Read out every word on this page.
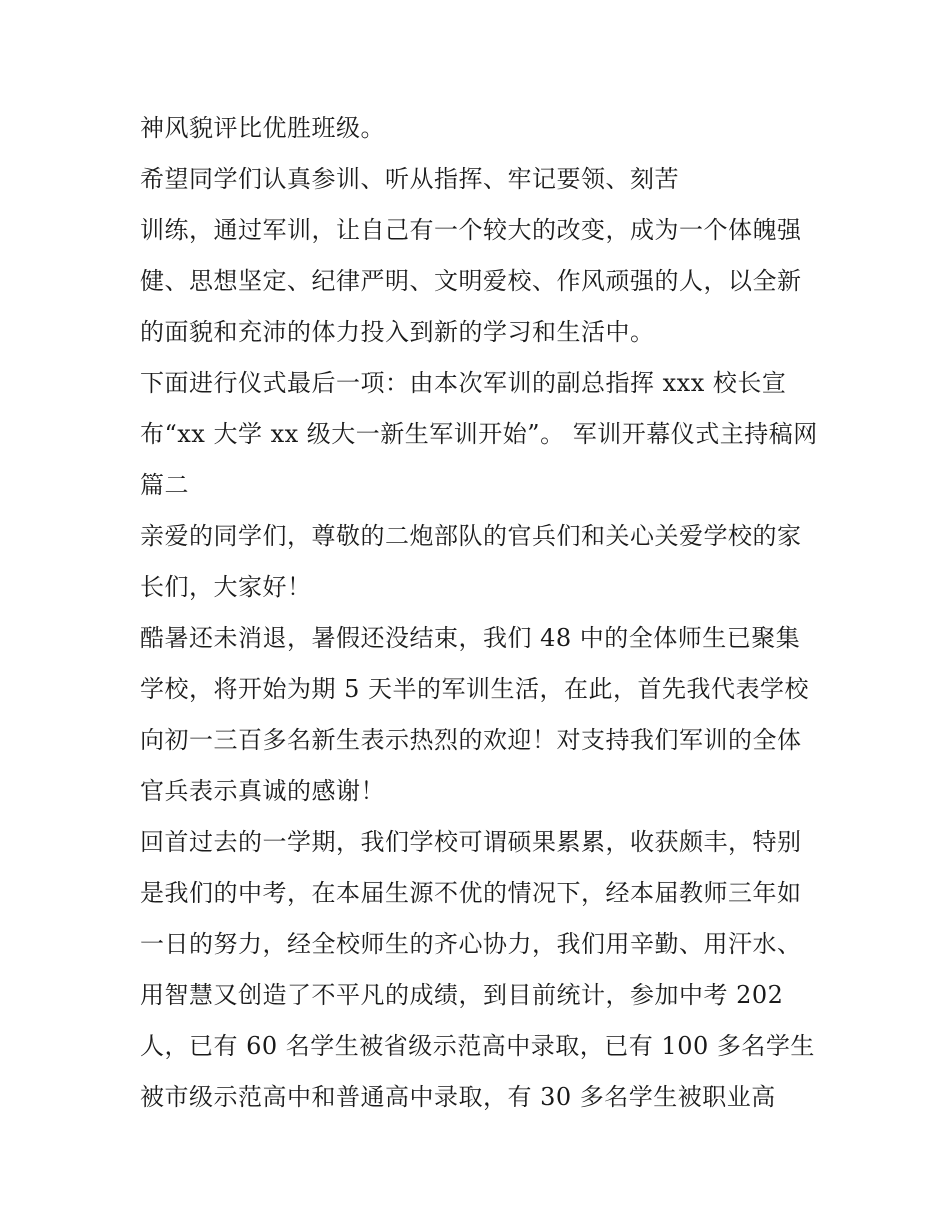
神风貌评比优胜班级。
希望同学们认真参训、听从指挥、牢记要领、刻苦
训练，通过军训，让自己有一个较大的改变，成为一个体魄强
健、思想坚定、纪律严明、文明爱校、作风顽强的人，以全新
的面貌和充沛的体力投入到新的学习和生活中。
下面进行仪式最后一项：由本次军训的副总指挥 xxx 校长宣
布“xx 大学 xx 级大一新生军训开始”。 军训开幕仪式主持稿网
篇二
亲爱的同学们，尊敬的二炮部队的官兵们和关心关爱学校的家
长们，大家好！
酷暑还未消退，暑假还没结束，我们 48 中的全体师生已聚集
学校，将开始为期 5 天半的军训生活，在此，首先我代表学校
向初一三百多名新生表示热烈的欢迎！对支持我们军训的全体
官兵表示真诚的感谢！
回首过去的一学期，我们学校可谓硕果累累，收获颇丰，特别
是我们的中考，在本届生源不优的情况下，经本届教师三年如
一日的努力，经全校师生的齐心协力，我们用辛勤、用汗水、
用智慧又创造了不平凡的成绩，到目前统计，参加中考 202
人，已有 60 名学生被省级示范高中录取，已有 100 多名学生
被市级示范高中和普通高中录取，有 30 多名学生被职业高
